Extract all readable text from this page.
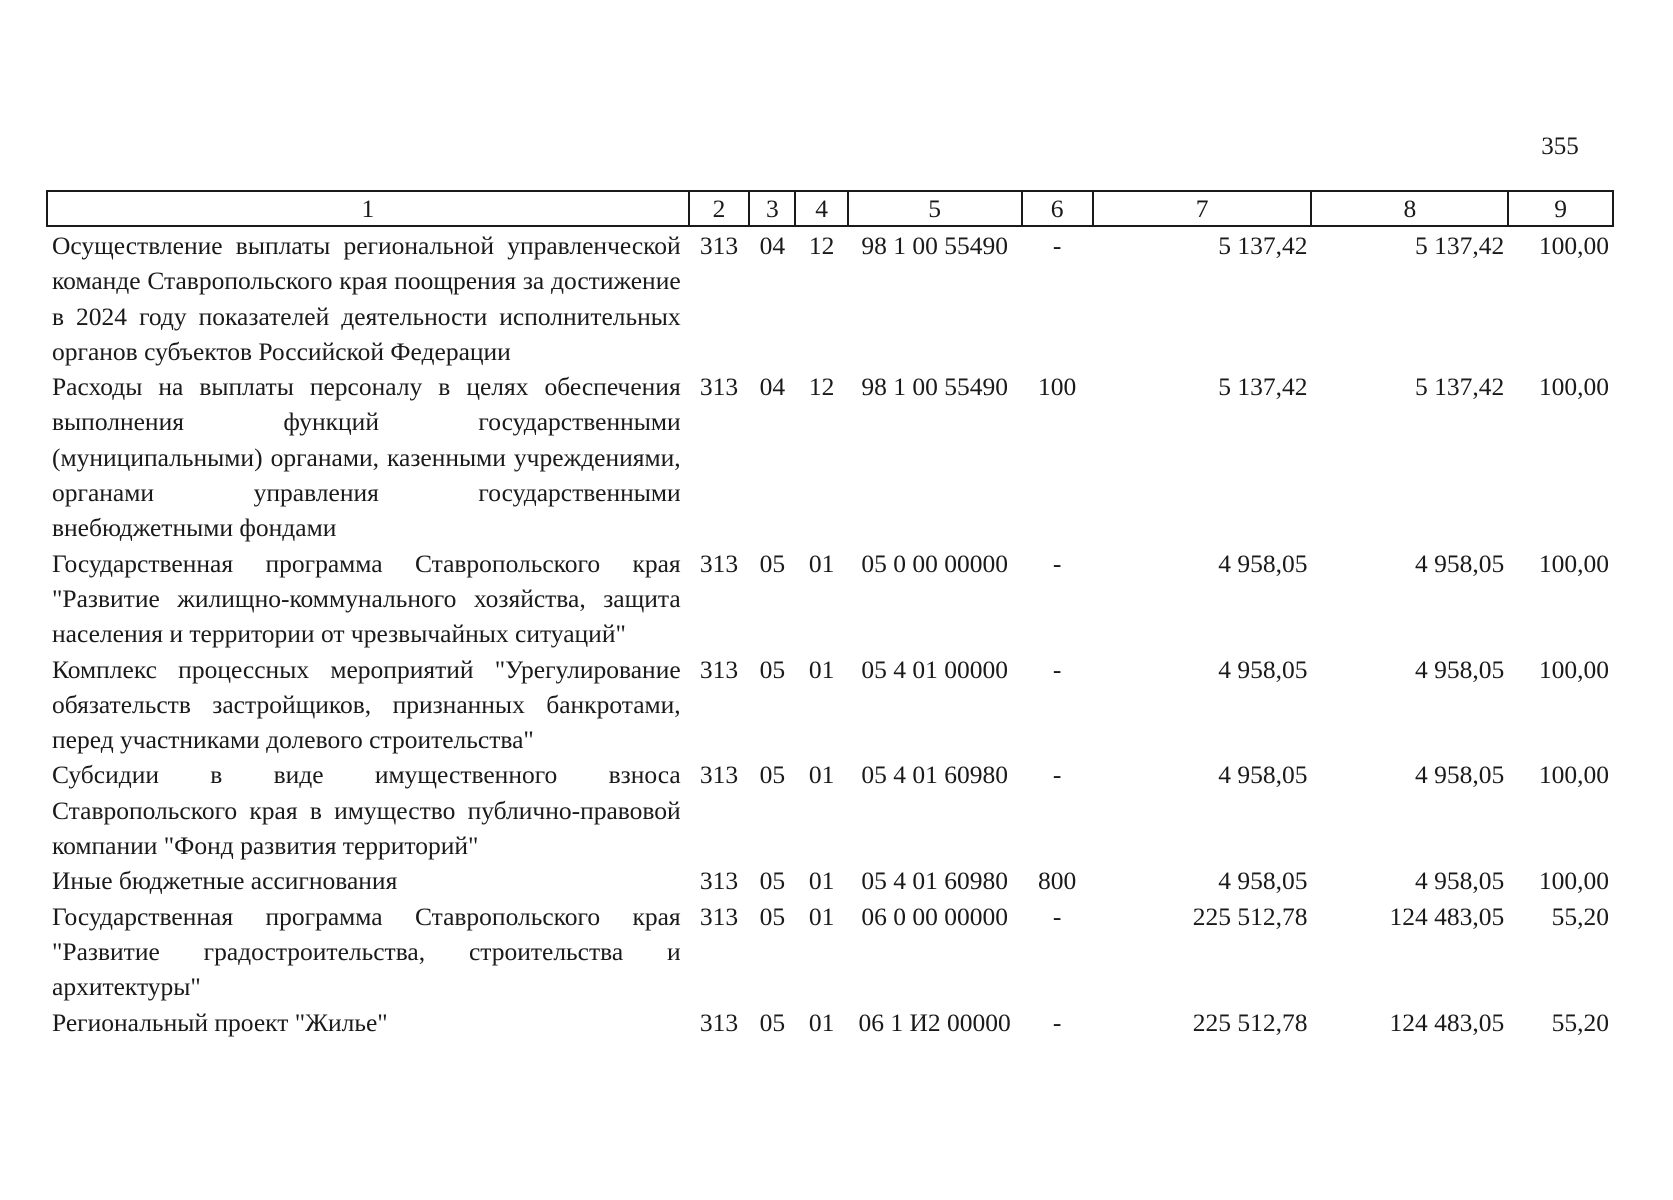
355
1	2	3	4	5	6	7	8	9
Осуществление выплаты региональной управленческой команде Ставропольского края поощрения за достижение в 2024 году показателей деятельности исполнительных органов субъектов Российской Федерации	313	04	12	98 1 00 55490	-	5 137,42	5 137,42	100,00
Расходы на выплаты персоналу в целях обеспечения выполнения функций государственными (муниципальными) органами, казенными учреждениями, органами управления государственными внебюджетными фондами	313	04	12	98 1 00 55490	100	5 137,42	5 137,42	100,00
Государственная программа Ставропольского края "Развитие жилищно-коммунального хозяйства, защита населения и территории от чрезвычайных ситуаций"	313	05	01	05 0 00 00000	-	4 958,05	4 958,05	100,00
Комплекс процессных мероприятий "Урегулирование обязательств застройщиков, признанных банкротами, перед участниками долевого строительства"	313	05	01	05 4 01 00000	-	4 958,05	4 958,05	100,00
Субсидии в виде имущественного взноса Ставропольского края в имущество публично-правовой компании "Фонд развития территорий"	313	05	01	05 4 01 60980	-	4 958,05	4 958,05	100,00
Иные бюджетные ассигнования	313	05	01	05 4 01 60980	800	4 958,05	4 958,05	100,00
Государственная программа Ставропольского края "Развитие градостроительства, строительства и архитектуры"	313	05	01	06 0 00 00000	-	225 512,78	124 483,05	55,20
Региональный проект "Жилье"	313	05	01	06 1 И2 00000	-	225 512,78	124 483,05	55,20
